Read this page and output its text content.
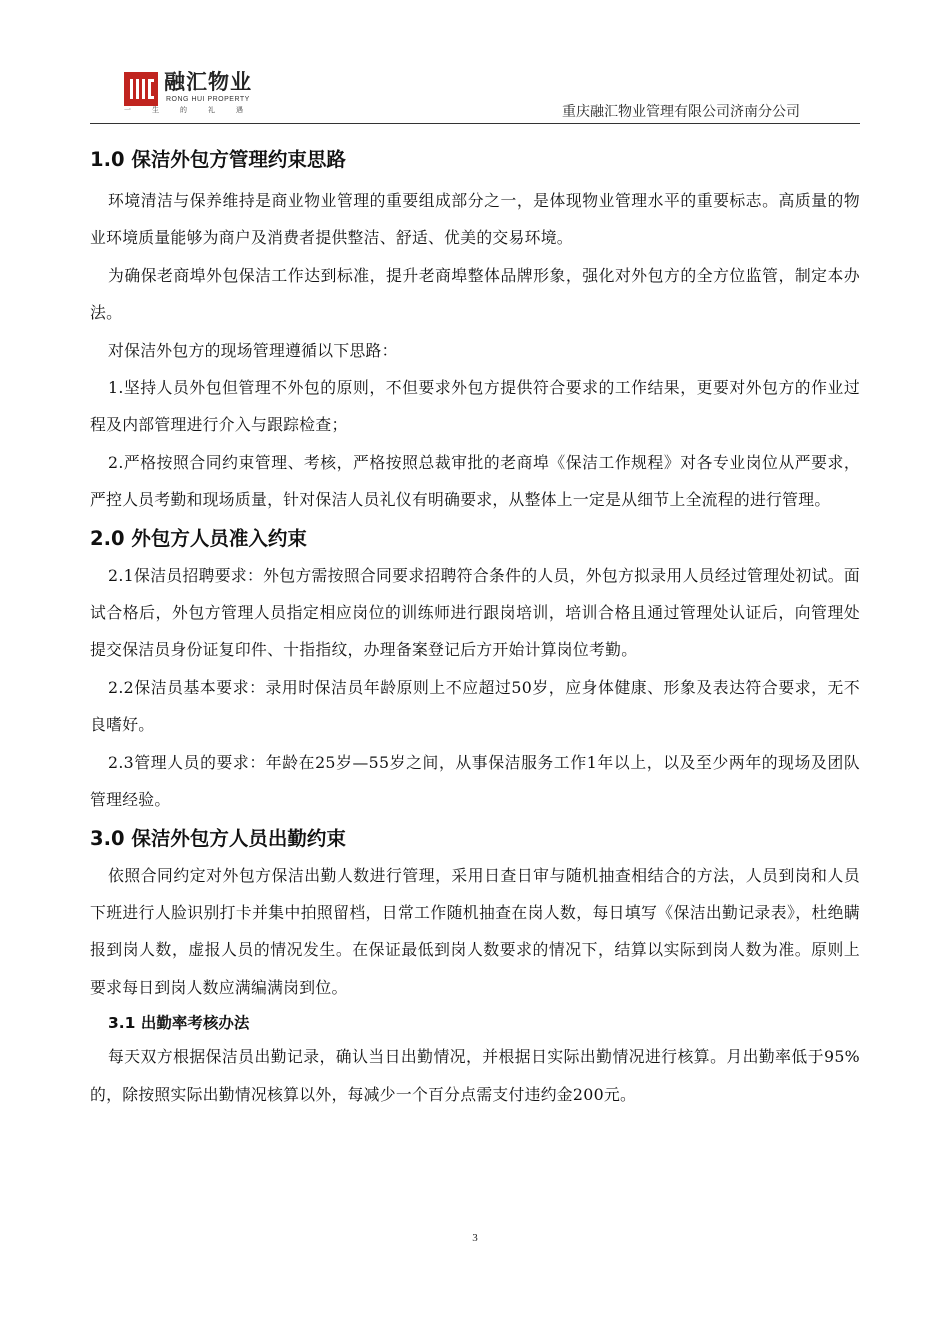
融汇物业
RONG HUI PROPERTY
一生的礼遇	重庆融汇物业管理有限公司济南分公司
1.0 保洁外包方管理约束思路

环境清洁与保养维持是商业物业管理的重要组成部分之一，是体现物业管理水平的重要标志。高质量的物业环境质量能够为商户及消费者提供整洁、舒适、优美的交易环境。

为确保老商埠外包保洁工作达到标准，提升老商埠整体品牌形象，强化对外包方的全方位监管，制定本办法。

对保洁外包方的现场管理遵循以下思路：

1.坚持人员外包但管理不外包的原则，不但要求外包方提供符合要求的工作结果，更要对外包方的作业过程及内部管理进行介入与跟踪检查；

2.严格按照合同约束管理、考核，严格按照总裁审批的老商埠《保洁工作规程》对各专业岗位从严要求，严控人员考勤和现场质量，针对保洁人员礼仪有明确要求，从整体上一定是从细节上全流程的进行管理。

2.0 外包方人员准入约束

2.1保洁员招聘要求：外包方需按照合同要求招聘符合条件的人员，外包方拟录用人员经过管理处初试。面试合格后，外包方管理人员指定相应岗位的训练师进行跟岗培训，培训合格且通过管理处认证后，向管理处提交保洁员身份证复印件、十指指纹，办理备案登记后方开始计算岗位考勤。

2.2保洁员基本要求：录用时保洁员年龄原则上不应超过50岁，应身体健康、形象及表达符合要求，无不良嗜好。

2.3管理人员的要求：年龄在25岁—55岁之间，从事保洁服务工作1年以上，以及至少两年的现场及团队管理经验。

3.0 保洁外包方人员出勤约束

依照合同约定对外包方保洁出勤人数进行管理，采用日查日审与随机抽查相结合的方法，人员到岗和人员下班进行人脸识别打卡并集中拍照留档，日常工作随机抽查在岗人数，每日填写《保洁出勤记录表》，杜绝瞒报到岗人数，虚报人员的情况发生。在保证最低到岗人数要求的情况下，结算以实际到岗人数为准。原则上要求每日到岗人数应满编满岗到位。

3.1 出勤率考核办法

每天双方根据保洁员出勤记录，确认当日出勤情况，并根据日实际出勤情况进行核算。月出勤率低于95%的，除按照实际出勤情况核算以外，每减少一个百分点需支付违约金200元。

3
